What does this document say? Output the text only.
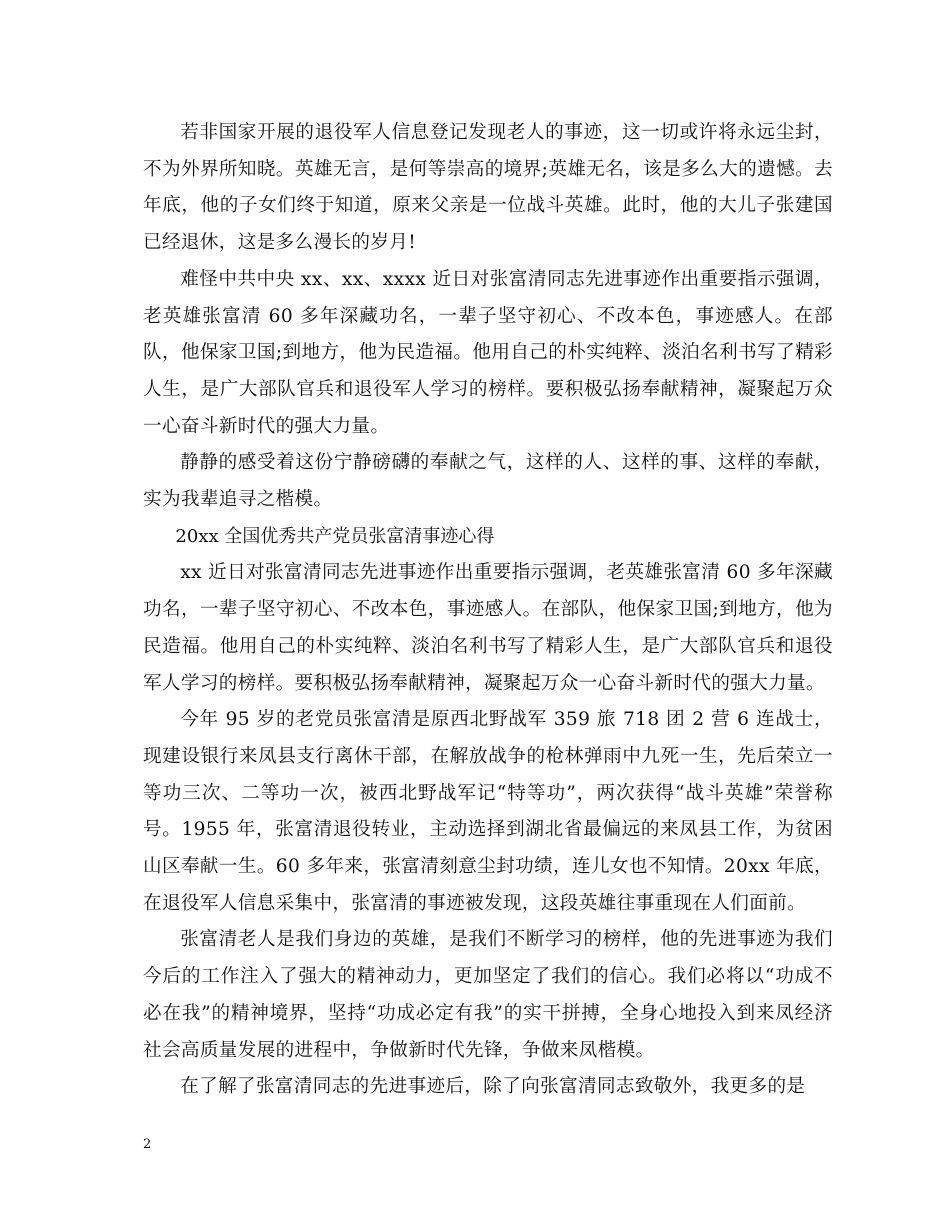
若非国家开展的退役军人信息登记发现老人的事迹，这一切或许将永远尘封，不为外界所知晓。英雄无言，是何等崇高的境界;英雄无名，该是多么大的遗憾。去年底，他的子女们终于知道，原来父亲是一位战斗英雄。此时，他的大儿子张建国已经退休，这是多么漫长的岁月!

难怪中共中央 xx、xx、xxxx 近日对张富清同志先进事迹作出重要指示强调，老英雄张富清 60 多年深藏功名，一辈子坚守初心、不改本色，事迹感人。在部队，他保家卫国;到地方，他为民造福。他用自己的朴实纯粹、淡泊名利书写了精彩人生，是广大部队官兵和退役军人学习的榜样。要积极弘扬奉献精神，凝聚起万众一心奋斗新时代的强大力量。

静静的感受着这份宁静磅礴的奉献之气，这样的人、这样的事、这样的奉献，实为我辈追寻之楷模。

20xx 全国优秀共产党员张富清事迹心得

xx 近日对张富清同志先进事迹作出重要指示强调，老英雄张富清 60 多年深藏功名，一辈子坚守初心、不改本色，事迹感人。在部队，他保家卫国;到地方，他为民造福。他用自己的朴实纯粹、淡泊名利书写了精彩人生，是广大部队官兵和退役军人学习的榜样。要积极弘扬奉献精神，凝聚起万众一心奋斗新时代的强大力量。

今年 95 岁的老党员张富清是原西北野战军 359 旅 718 团 2 营 6 连战士，现建设银行来凤县支行离休干部，在解放战争的枪林弹雨中九死一生，先后荣立一等功三次、二等功一次，被西北野战军记“特等功”，两次获得“战斗英雄”荣誉称号。1955 年，张富清退役转业，主动选择到湖北省最偏远的来凤县工作，为贫困山区奉献一生。60 多年来，张富清刻意尘封功绩，连儿女也不知情。20xx 年底，在退役军人信息采集中，张富清的事迹被发现，这段英雄往事重现在人们面前。

张富清老人是我们身边的英雄，是我们不断学习的榜样，他的先进事迹为我们今后的工作注入了强大的精神动力，更加坚定了我们的信心。我们必将以“功成不必在我”的精神境界，坚持“功成必定有我”的实干拼搏，全身心地投入到来凤经济社会高质量发展的进程中，争做新时代先锋，争做来凤楷模。

在了解了张富清同志的先进事迹后，除了向张富清同志致敬外，我更多的是

2
